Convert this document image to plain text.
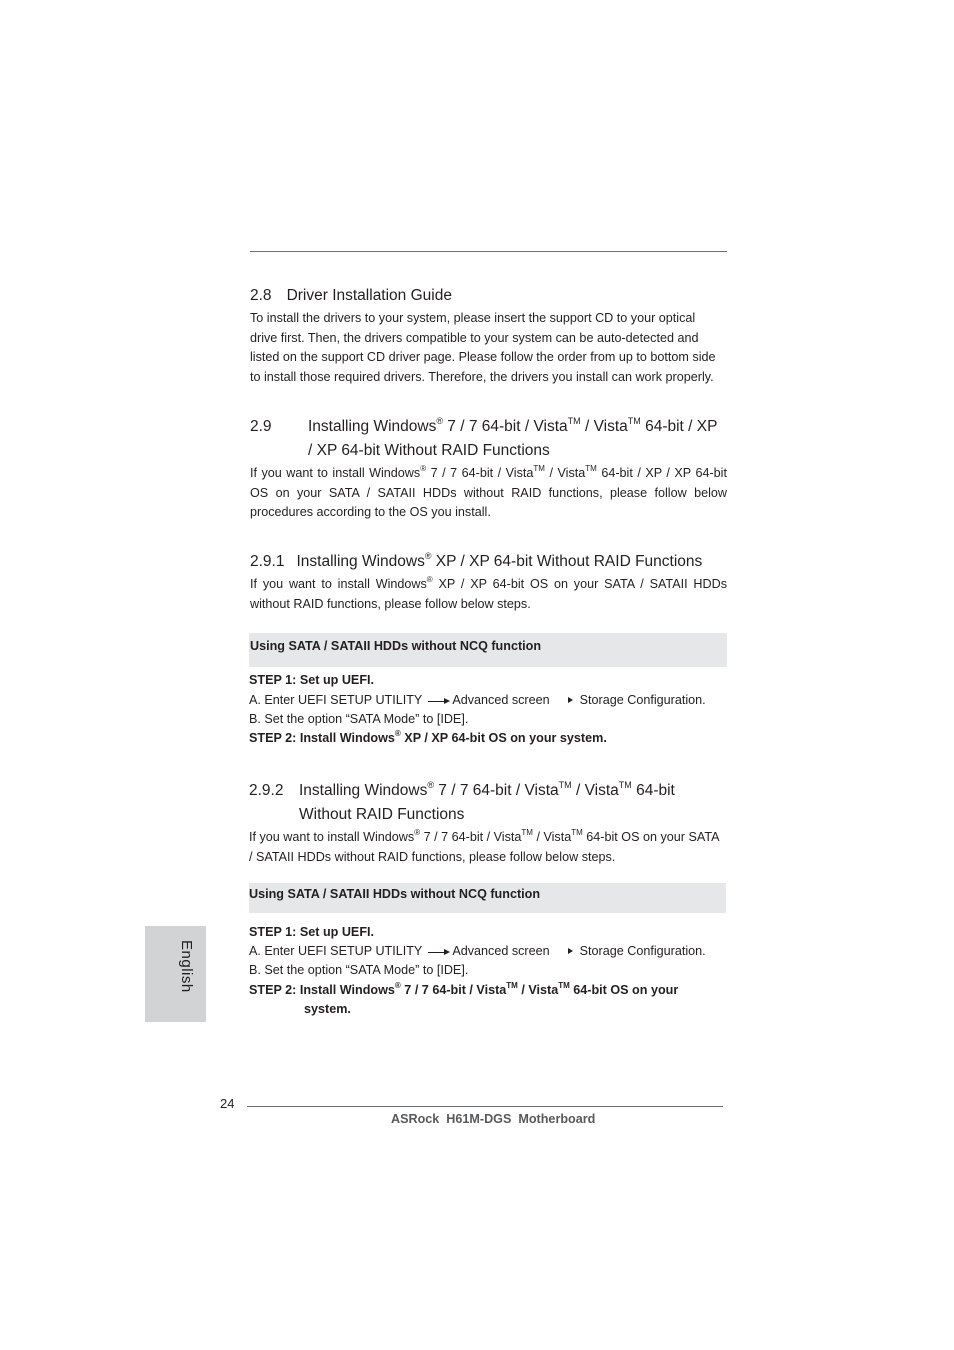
2.8 Driver Installation Guide
To install the drivers to your system, please insert the support CD to your optical
drive first. Then, the drivers compatible to your system can be auto-detected and
listed on the support CD driver page. Please follow the order from up to bottom side
to install those required drivers. Therefore, the drivers you install can work properly.
2.9 Installing Windows® 7 / 7 64-bit / Vista™ / Vista™ 64-bit / XP
/ XP 64-bit Without RAID Functions
If you want to install Windows® 7 / 7 64-bit / Vista™ / Vista™ 64-bit / XP / XP 64-bit OS on your SATA / SATAII HDDs without RAID functions, please follow below procedures according to the OS you install.
2.9.1 Installing Windows® XP / XP 64-bit Without RAID Functions
If you want to install Windows® XP / XP 64-bit OS on your SATA / SATAII HDDs without RAID functions, please follow below steps.
Using SATA / SATAII HDDs without NCQ function
STEP 1: Set up UEFI.
A. Enter UEFI SETUP UTILITY Advanced screen Storage Configuration.
B. Set the option “SATA Mode” to [IDE].
STEP 2: Install Windows® XP / XP 64-bit OS on your system.
2.9.2 Installing Windows® 7 / 7 64-bit / Vista™ / Vista™ 64-bit
Without RAID Functions
If you want to install Windows® 7 / 7 64-bit / Vista™ / Vista™ 64-bit OS on your SATA
/ SATAII HDDs without RAID functions, please follow below steps.
Using SATA / SATAII HDDs without NCQ function
STEP 1: Set up UEFI.
A. Enter UEFI SETUP UTILITY Advanced screen Storage Configuration.
B. Set the option “SATA Mode” to [IDE].
STEP 2: Install Windows® 7 / 7 64-bit / Vista™ / Vista™ 64-bit OS on your
system.
English
24
ASRock  H61M-DGS  Motherboard
